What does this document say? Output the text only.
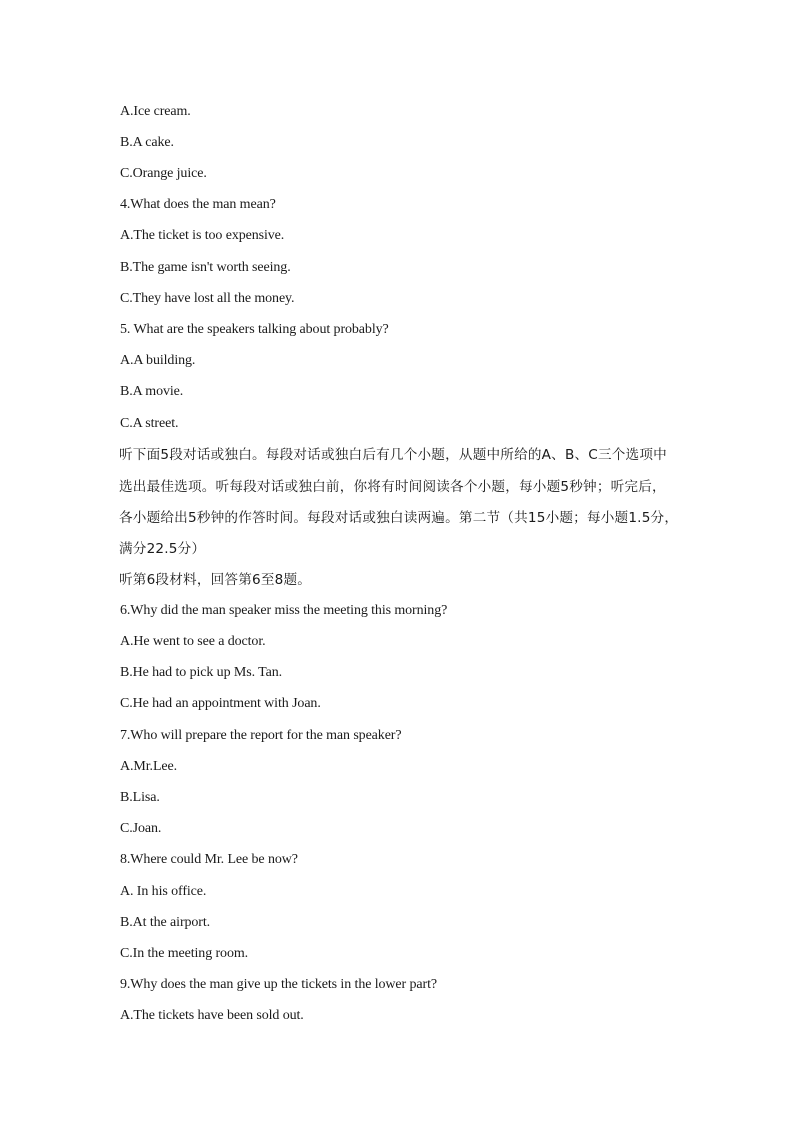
A.Ice cream.
B.A cake.
C.Orange juice.
4.What does the man mean?
A.The ticket is too expensive.
B.The game isn't worth seeing.
C.They have lost all the money.
5. What are the speakers talking about probably?
A.A building.
B.A movie.
C.A street.
听下面5段对话或独白。每段对话或独白后有几个小题，从题中所给的A、B、C三个选项中
选出最佳选项。听每段对话或独白前，你将有时间阅读各个小题，每小题5秒钟；听完后，
各小题给出5秒钟的作答时间。每段对话或独白读两遍。第二节（共15小题；每小题1.5分，
满分22.5分）
听第6段材料，回答第6至8题。
6.Why did the man speaker miss the meeting this morning?
A.He went to see a doctor.
B.He had to pick up Ms. Tan.
C.He had an appointment with Joan.
7.Who will prepare the report for the man speaker?
A.Mr.Lee.
B.Lisa.
C.Joan.
8.Where could Mr. Lee be now?
A. In his office.
B.At the airport.
C.In the meeting room.
9.Why does the man give up the tickets in the lower part?
A.The tickets have been sold out.
